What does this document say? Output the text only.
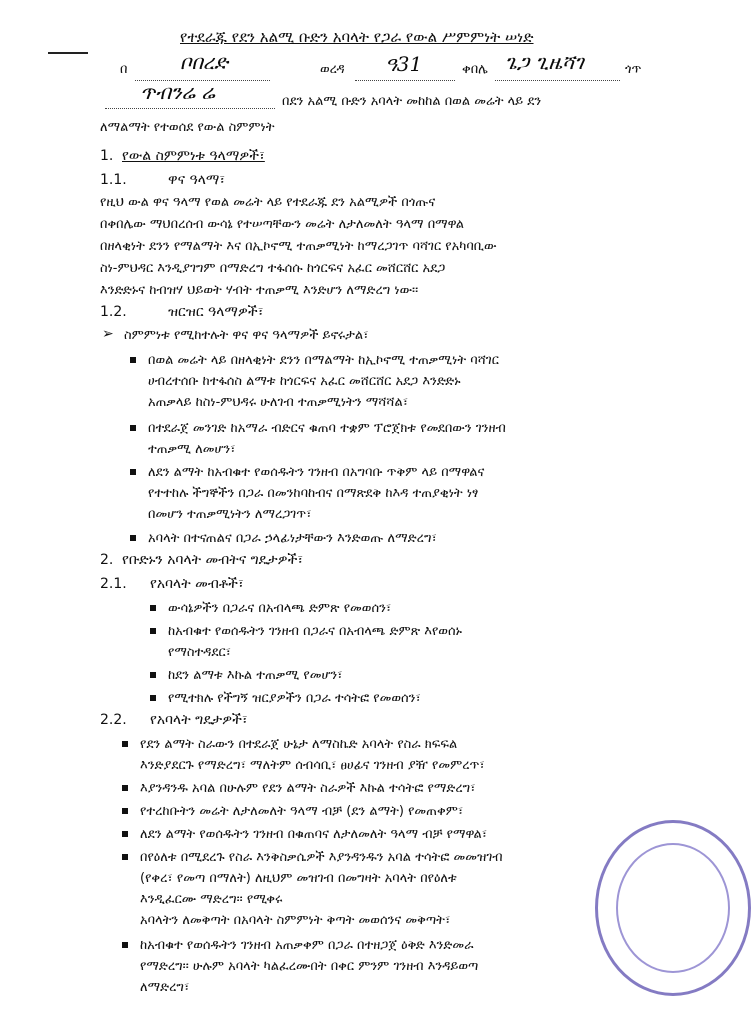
የተደራጁ የደን አልሚ ቡድን አባላት የጋራ የውል ሥምምነት ሠነድ
በ	ቦበረድ	ወረዳ ዓ31	ቀበሌ ጌጋ ጊዜሻገ	ጎጥ
ጥብንሬ ሬ	በደን አልሚ ቡድን አባላት መከከል በወል መሬት ላይ ደን
ለማልማት የተወሰደ የውል ስምምነት
1. የውል ስምምነቱ ዓላማዎች፣
1.1.	ዋና ዓላማ፣
የዚህ ውል ዋና ዓላማ የወል መሬት ላይ የተደራጁ ደን አልሚዎች በጎጡና
በቀበሌው ማህበረሰብ ውሳኔ የተሠጣቸውን መሬት ለታለመለት ዓላማ በማዋል
በዘላቂነት ደንን የማልማት እና በኢኮኖሚ ተጠቃሚነት ከማረጋገጥ ባሻገር የአካባቢው
ስነ-ምህዳር እንዲያገግም በማድረግ ተፋሰሱ ከጎርፍና አፈር መሸርሸር አደጋ
እንድድኑና ከብዝሃ ህይወት ሃብት ተጠቃሚ እንድሆን ለማድረግ ነው፡፡
1.2.	ዝርዝር ዓላማዎች፣
➢ ስምምነቱ የሚከተሉት ዋና ዋና ዓላማዎች ይኖሩታል፣
በወል መሬት ላይ በዘላቂነት ደንን በማልማት ከኢኮኖሚ ተጠቃሚነት ባሻገር
ሀብረተሰቡ ከተፋሰስ ልማቱ ከጎርፍና አፈር መሸርሸር አደጋ እንድድኑ
አጠቃላይ ከስነ-ምህዳሩ ሁለገብ ተጠቃሚነትን ማሻሻል፣
በተደራጀ መንገድ ከአማራ ብድርና ቁጠባ ተቋም ፕሮጀክቱ የመደበውን ገንዘብ
ተጠቃሚ ለመሆን፣
ለደን ልማት ከአብቁተ የወሰዱትን ገንዘብ በአግባቡ ጥቅም ላይ በማዋልና
የተተከሉ ችግኞችን በጋራ በመንከባከብና በማጽደቅ ከእዳ ተጠያቂነት ነፃ
በመሆን ተጠቃሚነትን ለማረጋገጥ፣
አባላት በተናጠልና በጋራ ኃላፊነታቸውን እንድወጡ ለማድረግ፣
2. የቡድኑን አባላት መብትና ግዴታዎች፣
2.1. የአባላት መብቶች፣
ውሳኔዎችን በጋራና በአብላጫ ድምጽ የመወሰን፣
ከአብቁተ የወሰዱትን ገንዘብ በጋራና በአብላጫ ድምጽ እየወሰኑ
የማስተዳደር፣
ከደን ልማቱ እኩል ተጠቃሚ የመሆን፣
የሚተክሉ የችግኝ ዝርያዎችን በጋራ ተሳትፎ የመወሰን፣
2.2. የአባላት ግዴታዎች፣
የደን ልማት ስራውን በተደራጀ ሁኔታ ለማስኬድ አባላት የስራ ክፍፍል
እንድያደርጉ የማድረግ፣ ማለትም ሰብሳቢ፣ ፀሀፊና ገንዘብ ያዥ የመምረጥ፣
እያንዳንዱ አባል በሁሉም የደን ልማት ስራዎች እኩል ተሳትፎ የማድረግ፣
የተረከቡትን መሬት ለታለመለት ዓላማ ብቻ (ደን ልማት) የመጠቀም፣
ለደን ልማት የወሰዱትን ገንዘብ በቁጠባና ለታለመለት ዓላማ ብቻ የማዋል፣
በየዕለቱ በሚደረጉ የስራ እንቅስቃሴዎች እያንዳንዱን አባል ተሳትፎ መመዝገብ
(የቀረ፣ የመጣ በማለት) ለዚህም መዝገብ በመግዛት አባላት በየዕለቱ
እንዲፈርሙ ማድረግ፡፡ የሚቀሩ
አባላትን ለመቅጣት በአባላት ስምምነት ቅጣት መወሰንና መቅጣት፣
ከአብቁተ የወሰዱትን ገንዘብ አጠቃቀም በጋራ በተዘጋጀ ዕቅድ እንድመራ
የማድረግ፡፡ ሁሉም አባላት ካልፈረሙበት በቀር ምንም ገንዘብ እንዳይወጣ
ለማድረግ፣
